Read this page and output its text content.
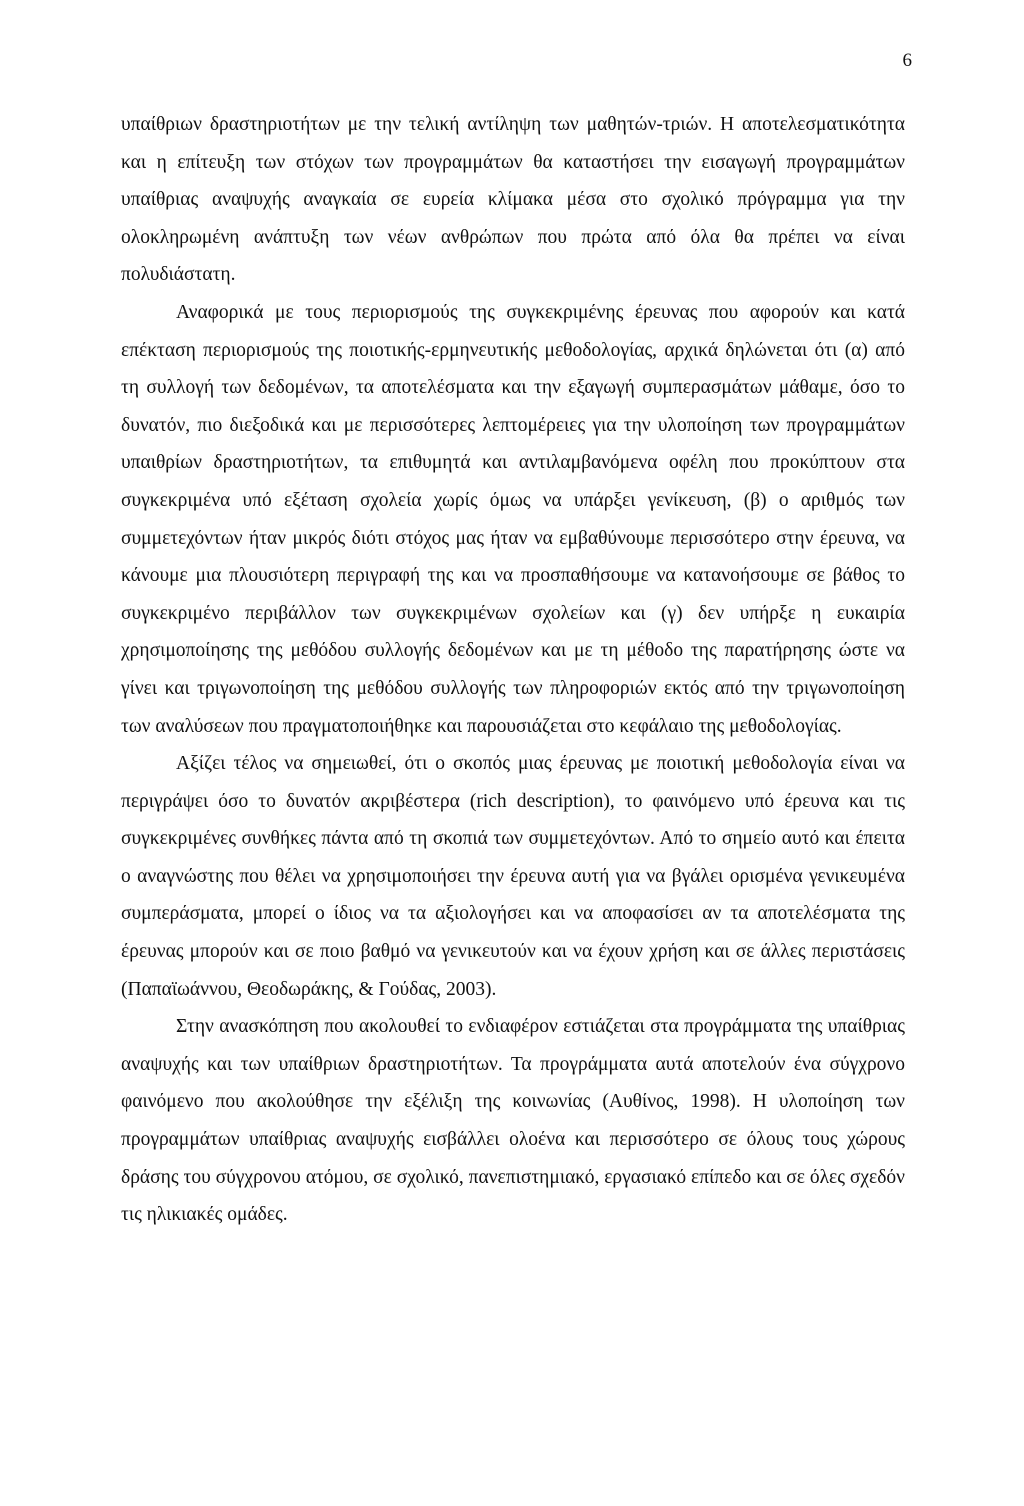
6

υπαίθριων δραστηριοτήτων με την τελική αντίληψη των μαθητών-τριών. Η αποτελεσματικότητα και η επίτευξη των στόχων των προγραμμάτων θα καταστήσει την εισαγωγή προγραμμάτων υπαίθριας αναψυχής αναγκαία σε ευρεία κλίμακα μέσα στο σχολικό πρόγραμμα για την ολοκληρωμένη ανάπτυξη των νέων ανθρώπων που πρώτα από όλα θα πρέπει να είναι πολυδιάστατη.

Αναφορικά με τους περιορισμούς της συγκεκριμένης έρευνας που αφορούν και κατά επέκταση περιορισμούς της ποιοτικής-ερμηνευτικής μεθοδολογίας, αρχικά δηλώνεται ότι (α) από τη συλλογή των δεδομένων, τα αποτελέσματα και την εξαγωγή συμπερασμάτων μάθαμε, όσο το δυνατόν, πιο διεξοδικά και με περισσότερες λεπτομέρειες για την υλοποίηση των προγραμμάτων υπαιθρίων δραστηριοτήτων, τα επιθυμητά και αντιλαμβανόμενα οφέλη που προκύπτουν στα συγκεκριμένα υπό εξέταση σχολεία χωρίς όμως να υπάρξει γενίκευση, (β) ο αριθμός των συμμετεχόντων ήταν μικρός διότι στόχος μας ήταν να εμβαθύνουμε περισσότερο στην έρευνα, να κάνουμε μια πλουσιότερη περιγραφή της και να προσπαθήσουμε να κατανοήσουμε σε βάθος το συγκεκριμένο περιβάλλον των συγκεκριμένων σχολείων και (γ) δεν υπήρξε η ευκαιρία χρησιμοποίησης της μεθόδου συλλογής δεδομένων και με τη μέθοδο της παρατήρησης ώστε να γίνει και τριγωνοποίηση της μεθόδου συλλογής των πληροφοριών εκτός από την τριγωνοποίηση των αναλύσεων που πραγματοποιήθηκε και παρουσιάζεται στο κεφάλαιο της μεθοδολογίας.

Αξίζει τέλος να σημειωθεί, ότι ο σκοπός μιας έρευνας με ποιοτική μεθοδολογία είναι να περιγράψει όσο το δυνατόν ακριβέστερα (rich description), το φαινόμενο υπό έρευνα και τις συγκεκριμένες συνθήκες πάντα από τη σκοπιά των συμμετεχόντων. Από το σημείο αυτό και έπειτα ο αναγνώστης που θέλει να χρησιμοποιήσει την έρευνα αυτή για να βγάλει ορισμένα γενικευμένα συμπεράσματα, μπορεί ο ίδιος να τα αξιολογήσει και να αποφασίσει αν τα αποτελέσματα της έρευνας μπορούν και σε ποιο βαθμό να γενικευτούν και να έχουν χρήση και σε άλλες περιστάσεις (Παπαϊωάννου, Θεοδωράκης, & Γούδας, 2003).

Στην ανασκόπηση που ακολουθεί το ενδιαφέρον εστιάζεται στα προγράμματα της υπαίθριας αναψυχής και των υπαίθριων δραστηριοτήτων. Τα προγράμματα αυτά αποτελούν ένα σύγχρονο φαινόμενο που ακολούθησε την εξέλιξη της κοινωνίας (Αυθίνος, 1998). Η υλοποίηση των προγραμμάτων υπαίθριας αναψυχής εισβάλλει ολοένα και περισσότερο σε όλους τους χώρους δράσης του σύγχρονου ατόμου, σε σχολικό, πανεπιστημιακό, εργασιακό επίπεδο και σε όλες σχεδόν τις ηλικιακές ομάδες.
